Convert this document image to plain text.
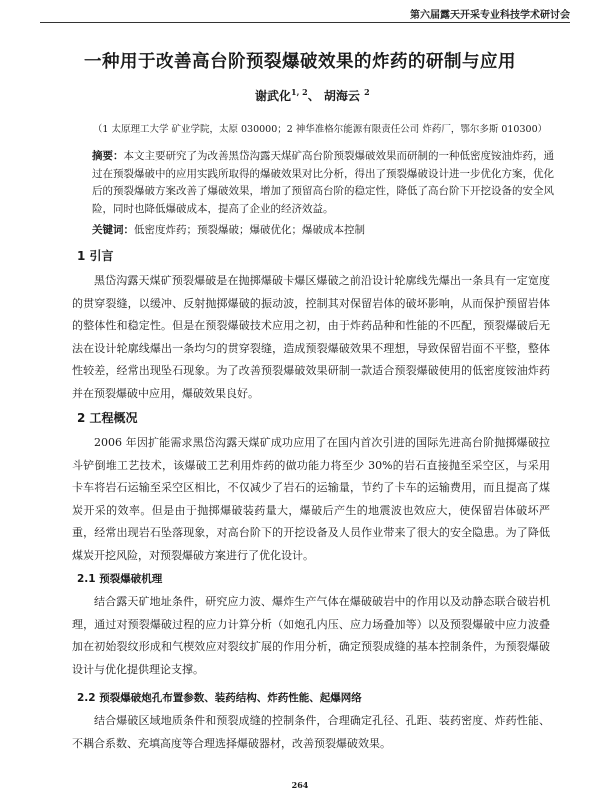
第六届露天开采专业科技学术研讨会
一种用于改善高台阶预裂爆破效果的炸药的研制与应用
谢武化$^{1, 2}$、 胡海云 $^2$
（1 太原理工大学 矿业学院，太原 030000；2 神华准格尔能源有限责任公司 炸药厂，鄂尔多斯 010300）
摘要：本文主要研究了为改善黑岱沟露天煤矿高台阶预裂爆破效果而研制的一种低密度铵油炸药，通过在预裂爆破中的应用实践所取得的爆破效果对比分析，得出了预裂爆破设计进一步优化方案，优化后的预裂爆破方案改善了爆破效果，增加了预留高台阶的稳定性，降低了高台阶下开挖设备的安全风险，同时也降低爆破成本，提高了企业的经济效益。
关键词：低密度炸药；预裂爆破；爆破优化；爆破成本控制
1 引言

黑岱沟露天煤矿预裂爆破是在抛掷爆破卡爆区爆破之前沿设计轮廓线先爆出一条具有一定宽度的贯穿裂缝，以缓冲、反射抛掷爆破的振动波，控制其对保留岩体的破坏影响，从而保护预留岩体的整体性和稳定性。但是在预裂爆破技术应用之初，由于炸药品种和性能的不匹配，预裂爆破后无法在设计轮廓线爆出一条均匀的贯穿裂缝，造成预裂爆破效果不理想，导致保留岩面不平整，整体性较差，经常出现坠石现象。为了改善预裂爆破效果研制一款适合预裂爆破使用的低密度铵油炸药并在预裂爆破中应用，爆破效果良好。

2 工程概况

2006 年因扩能需求黑岱沟露天煤矿成功应用了在国内首次引进的国际先进高台阶抛掷爆破拉斗铲倒堆工艺技术，该爆破工艺利用炸药的做功能力将至少 30%的岩石直接抛至采空区，与采用卡车将岩石运输至采空区相比，不仅减少了岩石的运输量，节约了卡车的运输费用，而且提高了煤炭开采的效率。但是由于抛掷爆破装药量大，爆破后产生的地震波也效应大，使保留岩体破坏严重，经常出现岩石坠落现象，对高台阶下的开挖设备及人员作业带来了很大的安全隐患。为了降低煤炭开挖风险，对预裂爆破方案进行了优化设计。

2.1 预裂爆破机理

结合露天矿地址条件，研究应力波、爆炸生产气体在爆破破岩中的作用以及动静态联合破岩机理，通过对预裂爆破过程的应力计算分析（如炮孔内压、应力场叠加等）以及预裂爆破中应力波叠加在初始裂纹形成和气楔效应对裂纹扩展的作用分析，确定预裂成缝的基本控制条件，为预裂爆破设计与优化提供理论支撑。

2.2 预裂爆破炮孔布置参数、装药结构、炸药性能、起爆网络

结合爆破区域地质条件和预裂成缝的控制条件，合理确定孔径、孔距、装药密度、炸药性能、不耦合系数、充填高度等合理选择爆破器材，改善预裂爆破效果。

264
